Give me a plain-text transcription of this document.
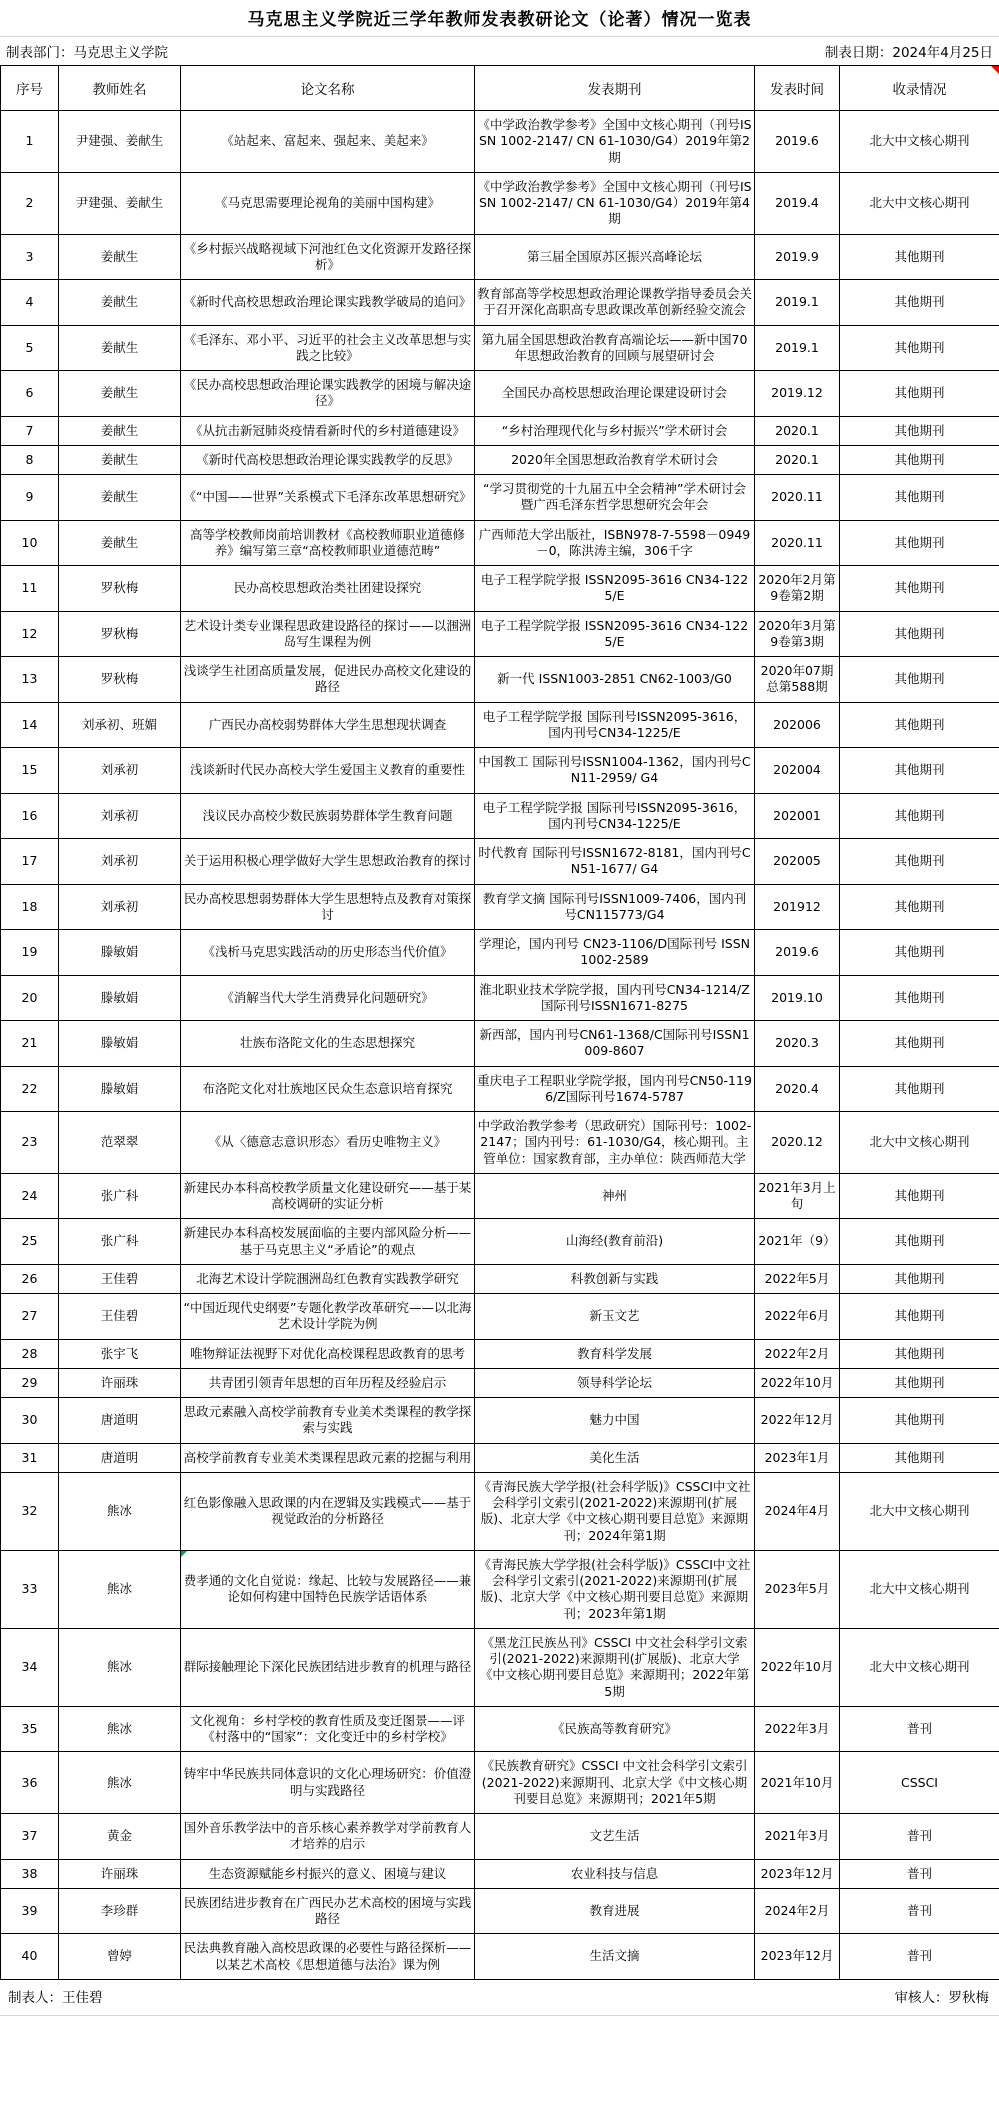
马克思主义学院近三学年教师发表教研论文（论著）情况一览表
制表部门：马克思主义学院	制表日期：2024年4月25日
序号	教师姓名	论文名称	发表期刊	发表时间	收录情况

1	尹建强、姜献生	《站起来、富起来、强起来、美起来》	《中学政治教学参考》全国中文核心期刊（刊号ISSN 1002-2147/ CN 61-1030/G4）2019年第2期	2019.6	北大中文核心期刊
2	尹建强、姜献生	《马克思需要理论视角的美丽中国构建》	《中学政治教学参考》全国中文核心期刊（刊号ISSN 1002-2147/ CN 61-1030/G4）2019年第4期	2019.4	北大中文核心期刊
3	姜献生	《乡村振兴战略视域下河池红色文化资源开发路径探析》	第三届全国原苏区振兴高峰论坛	2019.9	其他期刊
4	姜献生	《新时代高校思想政治理论课实践教学破局的追问》	教育部高等学校思想政治理论课教学指导委员会关于召开深化高职高专思政课改革创新经验交流会	2019.1	其他期刊
5	姜献生	《毛泽东、邓小平、习近平的社会主义改革思想与实践之比较》	第九届全国思想政治教育高端论坛——新中国70年思想政治教育的回顾与展望研讨会	2019.1	其他期刊
6	姜献生	《民办高校思想政治理论课实践教学的困境与解决途径》	全国民办高校思想政治理论课建设研讨会	2019.12	其他期刊
7	姜献生	《从抗击新冠肺炎疫情看新时代的乡村道德建设》	“乡村治理现代化与乡村振兴”学术研讨会	2020.1	其他期刊
8	姜献生	《新时代高校思想政治理论课实践教学的反思》	2020年全国思想政治教育学术研讨会	2020.1	其他期刊
9	姜献生	《“中国——世界”关系模式下毛泽东改革思想研究》	“学习贯彻党的十九届五中全会精神”学术研讨会暨广西毛泽东哲学思想研究会年会	2020.11	其他期刊
10	姜献生	高等学校教师岗前培训教材《高校教师职业道德修养》编写第三章“高校教师职业道德范畴”	广西师范大学出版社，ISBN978-7-5598－0949－0，陈洪涛主编，306千字	2020.11	其他期刊
11	罗秋梅	民办高校思想政治类社团建设探究	电子工程学院学报 ISSN2095-3616 CN34-1225/E	2020年2月第9卷第2期	其他期刊
12	罗秋梅	艺术设计类专业课程思政建设路径的探讨——以涠洲岛写生课程为例	电子工程学院学报 ISSN2095-3616 CN34-1225/E	2020年3月第9卷第3期	其他期刊
13	罗秋梅	浅谈学生社团高质量发展，促进民办高校文化建设的路径	新一代 ISSN1003-2851 CN62-1003/G0	2020年07期总第588期	其他期刊
14	刘承初、班媚	广西民办高校弱势群体大学生思想现状调查	电子工程学院学报 国际刊号ISSN2095-3616，国内刊号CN34-1225/E	202006	其他期刊
15	刘承初	浅谈新时代民办高校大学生爱国主义教育的重要性	中国教工 国际刊号ISSN1004-1362，国内刊号CN11-2959/ G4	202004	其他期刊
16	刘承初	浅议民办高校少数民族弱势群体学生教育问题	电子工程学院学报 国际刊号ISSN2095-3616，国内刊号CN34-1225/E	202001	其他期刊
17	刘承初	关于运用积极心理学做好大学生思想政治教育的探讨	时代教育 国际刊号ISSN1672-8181，国内刊号CN51-1677/ G4	202005	其他期刊
18	刘承初	民办高校思想弱势群体大学生思想特点及教育对策探讨	教育学文摘 国际刊号ISSN1009-7406，国内刊号CN115773/G4	201912	其他期刊
19	滕敏娟	《浅析马克思实践活动的历史形态当代价值》	学理论，国内刊号 CN23-1106/D国际刊号 ISSN 1002-2589	2019.6	其他期刊
20	滕敏娟	《消解当代大学生消费异化问题研究》	淮北职业技术学院学报，国内刊号CN34-1214/Z国际刊号ISSN1671-8275	2019.10	其他期刊
21	滕敏娟	壮族布洛陀文化的生态思想探究	新西部，国内刊号CN61-1368/C国际刊号ISSN1009-8607	2020.3	其他期刊
22	滕敏娟	布洛陀文化对壮族地区民众生态意识培育探究	重庆电子工程职业学院学报，国内刊号CN50-1196/Z国际刊号1674-5787	2020.4	其他期刊
23	范翠翠	《从〈德意志意识形态〉看历史唯物主义》	中学政治教学参考（思政研究）国际刊号：1002-2147；国内刊号：61-1030/G4，核心期刊。主管单位：国家教育部，主办单位：陕西师范大学	2020.12	北大中文核心期刊
24	张广科	新建民办本科高校教学质量文化建设研究——基于某高校调研的实证分析	神州	2021年3月上旬	其他期刊
25	张广科	新建民办本科高校发展面临的主要内部风险分析——基于马克思主义“矛盾论”的观点	山海经(教育前沿)	2021年（9）	其他期刊
26	王佳碧	北海艺术设计学院涠洲岛红色教育实践教学研究	科教创新与实践	2022年5月	其他期刊
27	王佳碧	“中国近现代史纲要”专题化教学改革研究——以北海艺术设计学院为例	新玉文艺	2022年6月	其他期刊
28	张宇飞	唯物辩证法视野下对优化高校课程思政教育的思考	教育科学发展	2022年2月	其他期刊
29	许丽珠	共青团引领青年思想的百年历程及经验启示	领导科学论坛	2022年10月	其他期刊
30	唐道明	思政元素融入高校学前教育专业美术类课程的教学探索与实践	魅力中国	2022年12月	其他期刊
31	唐道明	高校学前教育专业美术类课程思政元素的挖掘与利用	美化生活	2023年1月	其他期刊
32	熊冰	红色影像融入思政课的内在逻辑及实践模式——基于视觉政治的分析路径	《青海民族大学学报(社会科学版)》CSSCI中文社会科学引文索引(2021-2022)来源期刊(扩展版)、北京大学《中文核心期刊要目总览》来源期刊；2024年第1期	2024年4月	北大中文核心期刊
33	熊冰	费孝通的文化自觉说：缘起、比较与发展路径——兼论如何构建中国特色民族学话语体系	《青海民族大学学报(社会科学版)》CSSCI中文社会科学引文索引(2021-2022)来源期刊(扩展版)、北京大学《中文核心期刊要目总览》来源期刊；2023年第1期	2023年5月	北大中文核心期刊
34	熊冰	群际接触理论下深化民族团结进步教育的机理与路径	《黑龙江民族丛刊》CSSCI 中文社会科学引文索引(2021-2022)来源期刊(扩展版)、北京大学《中文核心期刊要目总览》来源期刊；2022年第5期	2022年10月	北大中文核心期刊
35	熊冰	文化视角：乡村学校的教育性质及变迁图景——评《村落中的“国家”：文化变迁中的乡村学校》	《民族高等教育研究》	2022年3月	普刊
36	熊冰	铸牢中华民族共同体意识的文化心理场研究：价值澄明与实践路径	《民族教育研究》CSSCI 中文社会科学引文索引(2021-2022)来源期刊、北京大学《中文核心期刊要目总览》来源期刊；2021年5期	2021年10月	CSSCI
37	黄金	国外音乐教学法中的音乐核心素养教学对学前教育人才培养的启示	文艺生活	2021年3月	普刊
38	许丽珠	生态资源赋能乡村振兴的意义、困境与建议	农业科技与信息	2023年12月	普刊
39	李珍群	民族团结进步教育在广西民办艺术高校的困境与实践路径	教育进展	2024年2月	普刊
40	曾婷	民法典教育融入高校思政课的必要性与路径探析——以某艺术高校《思想道德与法治》课为例	生活文摘	2023年12月	普刊
制表人：王佳碧	审核人：罗秋梅
